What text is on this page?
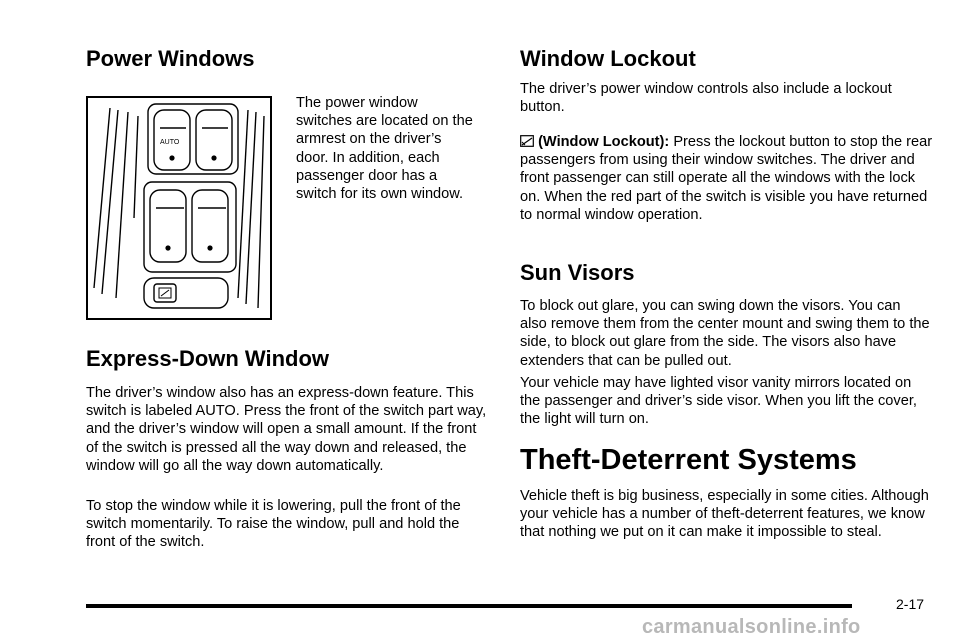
Power Windows
AUTO
The power window switches are located on the armrest on the driver’s door. In addition, each passenger door has a switch for its own window.
Express-Down Window

The driver’s window also has an express-down feature. This switch is labeled AUTO. Press the front of the switch part way, and the driver’s window will open a small amount. If the front of the switch is pressed all the way down and released, the window will go all the way down automatically.

To stop the window while it is lowering, pull the front of the switch momentarily. To raise the window, pull and hold the front of the switch.

Window Lockout

The driver’s power window controls also include a lockout button.

(Window Lockout): Press the lockout button to stop the rear passengers from using their window switches. The driver and front passenger can still operate all the windows with the lock on. When the red part of the switch is visible you have returned to normal window operation.
Sun Visors

To block out glare, you can swing down the visors. You can also remove them from the center mount and swing them to the side, to block out glare from the side. The visors also have extenders that can be pulled out.

Your vehicle may have lighted visor vanity mirrors located on the passenger and driver’s side visor. When you lift the cover, the light will turn on.

Theft-Deterrent Systems

Vehicle theft is big business, especially in some cities. Although your vehicle has a number of theft-deterrent features, we know that nothing we put on it can make it impossible to steal.

2-17
carmanualsonline.info
